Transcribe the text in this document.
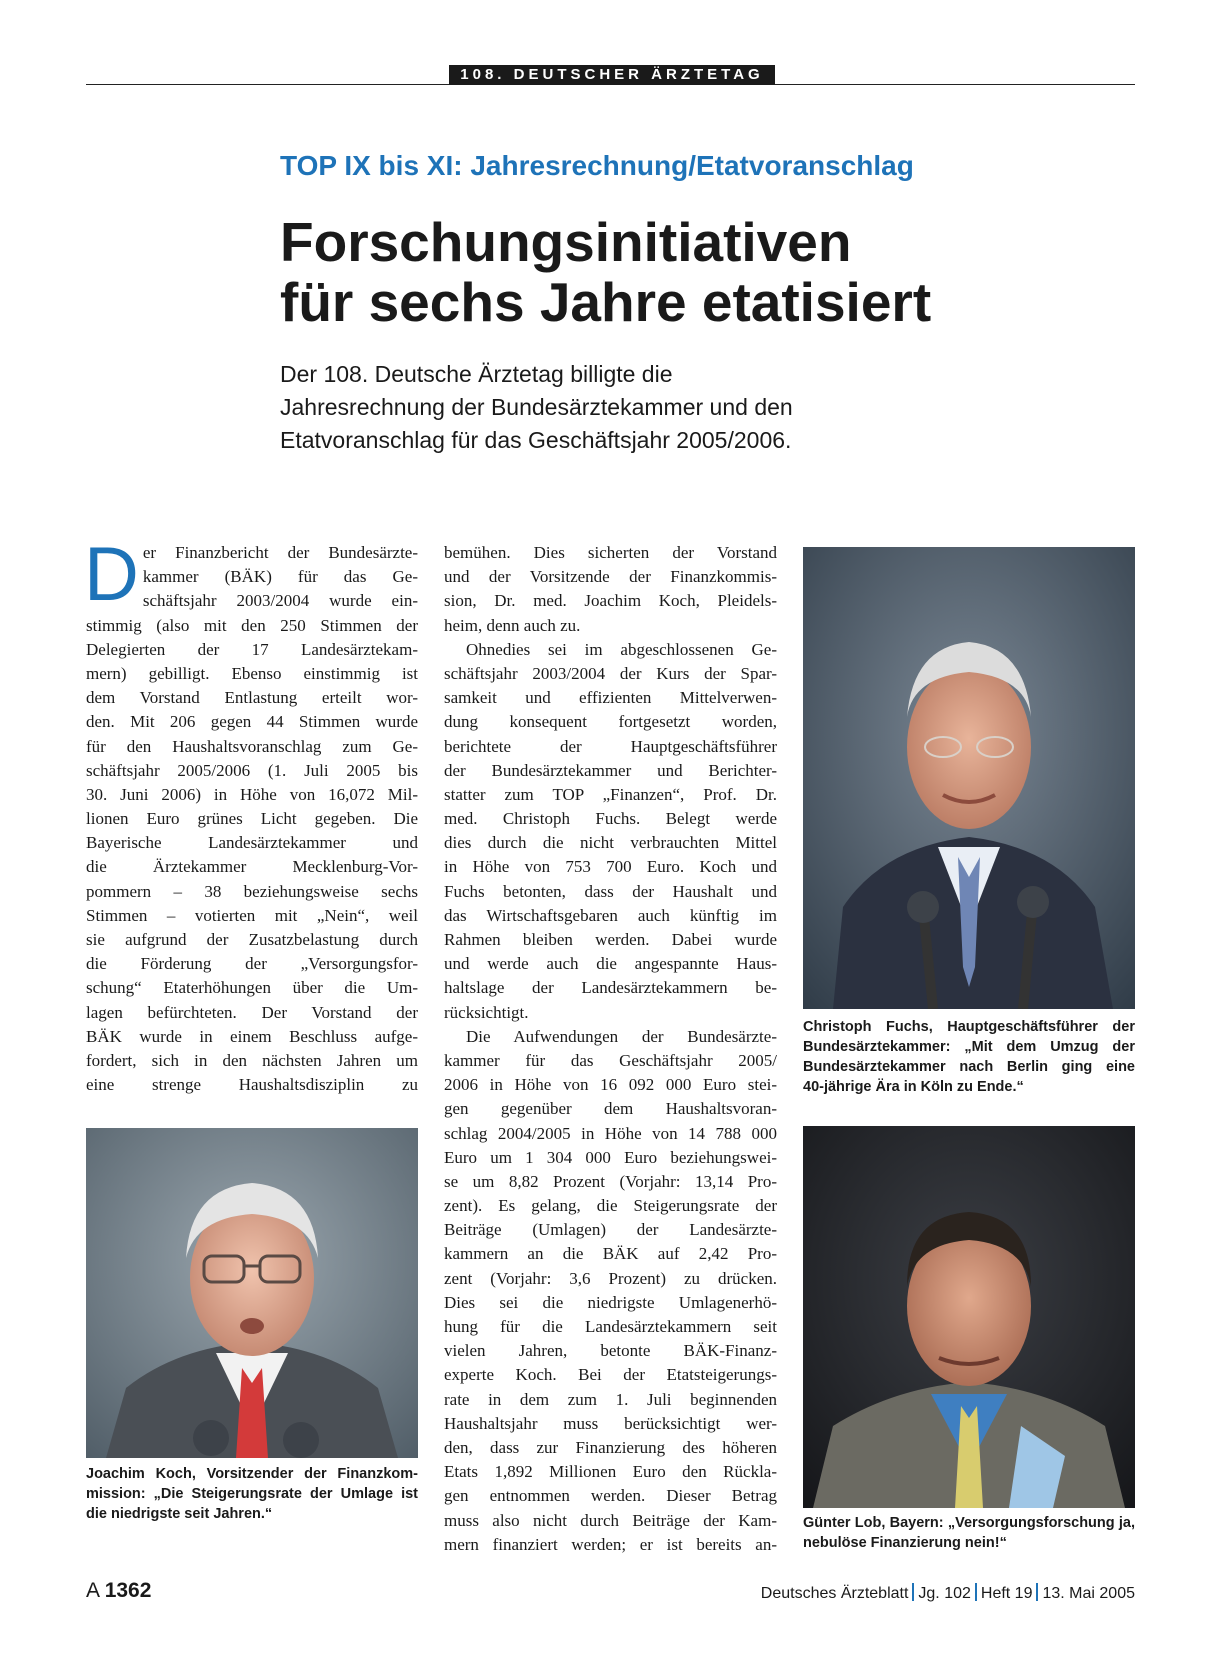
108. DEUTSCHER ÄRZTETAG
TOP IX bis XI: Jahresrechnung/Etatvoranschlag
Forschungsinitiativen
für sechs Jahre etatisiert
Der 108. Deutsche Ärztetag billigte die
Jahresrechnung der Bundesärztekammer und den
Etatvoranschlag für das Geschäftsjahr 2005/2006.
D er Finanzbericht der Bundesärzte-
kammer (BÄK) für das Ge-
schäftsjahr 2003/2004 wurde ein-
stimmig (also mit den 250 Stimmen der
Delegierten der 17 Landesärztekam-
mern) gebilligt. Ebenso einstimmig ist
dem Vorstand Entlastung erteilt wor-
den. Mit 206 gegen 44 Stimmen wurde
für den Haushaltsvoranschlag zum Ge-
schäftsjahr 2005/2006 (1. Juli 2005 bis
30. Juni 2006) in Höhe von 16,072 Mil-
lionen Euro grünes Licht gegeben. Die
Bayerische Landesärztekammer und
die Ärztekammer Mecklenburg-Vor-
pommern – 38 beziehungsweise sechs
Stimmen – votierten mit „Nein“, weil
sie aufgrund der Zusatzbelastung durch
die Förderung der „Versorgungsfor-
schung“ Etaterhöhungen über die Um-
lagen befürchteten. Der Vorstand der
BÄK wurde in einem Beschluss aufge-
fordert, sich in den nächsten Jahren um
eine strenge Haushaltsdisziplin zu
bemühen. Dies sicherten der Vorstand
und der Vorsitzende der Finanzkommis-
sion, Dr. med. Joachim Koch, Pleidels-
heim, denn auch zu.
Ohnedies sei im abgeschlossenen Ge-
schäftsjahr 2003/2004 der Kurs der Spar-
samkeit und effizienten Mittelverwen-
dung konsequent fortgesetzt worden,
berichtete der Hauptgeschäftsführer
der Bundesärztekammer und Berichter-
statter zum TOP „Finanzen“, Prof. Dr.
med. Christoph Fuchs. Belegt werde
dies durch die nicht verbrauchten Mittel
in Höhe von 753 700 Euro. Koch und
Fuchs betonten, dass der Haushalt und
das Wirtschaftsgebaren auch künftig im
Rahmen bleiben werden. Dabei wurde
und werde auch die angespannte Haus-
haltslage der Landesärztekammern be-
rücksichtigt.
Die Aufwendungen der Bundesärzte-
kammer für das Geschäftsjahr 2005/
2006 in Höhe von 16 092 000 Euro stei-
gen gegenüber dem Haushaltsvoran-
schlag 2004/2005 in Höhe von 14 788 000
Euro um 1 304 000 Euro beziehungswei-
se um 8,82 Prozent (Vorjahr: 13,14 Pro-
zent). Es gelang, die Steigerungsrate der
Beiträge (Umlagen) der Landesärzte-
kammern an die BÄK auf 2,42 Pro-
zent (Vorjahr: 3,6 Prozent) zu drücken.
Dies sei die niedrigste Umlagenerhö-
hung für die Landesärztekammern seit
vielen Jahren, betonte BÄK-Finanz-
experte Koch. Bei der Etatsteigerungs-
rate in dem zum 1. Juli beginnenden
Haushaltsjahr muss berücksichtigt wer-
den, dass zur Finanzierung des höheren
Etats 1,892 Millionen Euro den Rückla-
gen entnommen werden. Dieser Betrag
muss also nicht durch Beiträge der Kam-
mern finanziert werden; er ist bereits an-
Christoph Fuchs, Hauptgeschäftsführer der
Bundesärztekammer: „Mit dem Umzug der
Bundesärztekammer nach Berlin ging eine
40-jährige Ära in Köln zu Ende.“
Joachim Koch, Vorsitzender der Finanzkom-
mission: „Die Steigerungsrate der Umlage ist
die niedrigste seit Jahren.“
Günter Lob, Bayern: „Versorgungsforschung ja,
nebulöse Finanzierung nein!“
A 1362	Deutsches Ärzteblatt Jg. 102 Heft 19 13. Mai 2005
